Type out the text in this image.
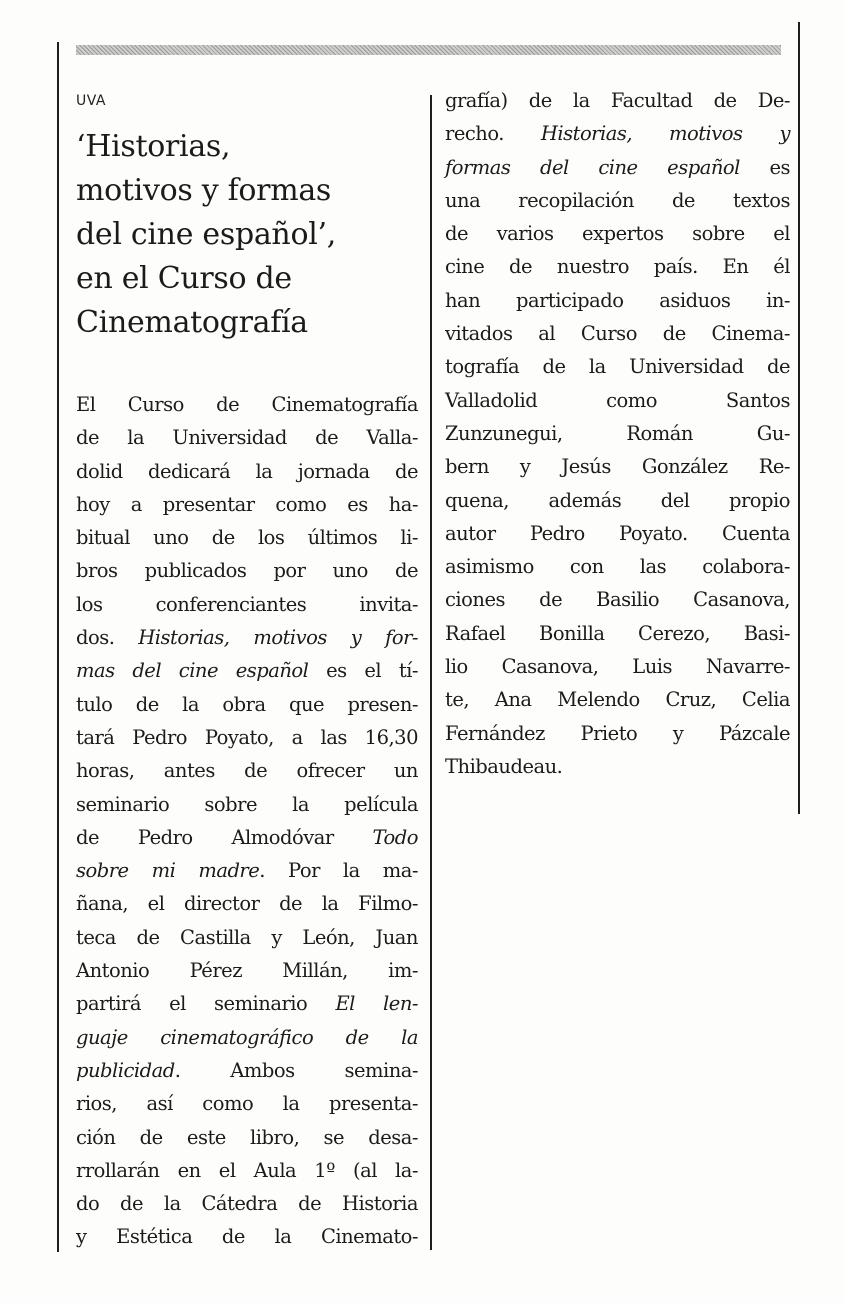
UVA
‘Historias,
motivos y formas
del cine español’,
en el Curso de
Cinematografía
El Curso de Cinematografía
de la Universidad de Valla-
dolid dedicará la jornada de
hoy a presentar como es ha-
bitual uno de los últimos li-
bros publicados por uno de
los conferenciantes invita-
dos. Historias, motivos y for-
mas del cine español es el tí-
tulo de la obra que presen-
tará Pedro Poyato, a las 16,30
horas, antes de ofrecer un
seminario sobre la película
de Pedro Almodóvar Todo
sobre mi madre. Por la ma-
ñana, el director de la Filmo-
teca de Castilla y León, Juan
Antonio Pérez Millán, im-
partirá el seminario El len-
guaje cinematográfico de la
publicidad. Ambos semina-
rios, así como la presenta-
ción de este libro, se desa-
rrollarán en el Aula 1º (al la-
do de la Cátedra de Historia
y Estética de la Cinemato-
grafía) de la Facultad de De-
recho. Historias, motivos y
formas del cine español es
una recopilación de textos
de varios expertos sobre el
cine de nuestro país. En él
han participado asiduos in-
vitados al Curso de Cinema-
tografía de la Universidad de
Valladolid como Santos
Zunzunegui, Román Gu-
bern y Jesús González Re-
quena, además del propio
autor Pedro Poyato. Cuenta
asimismo con las colabora-
ciones de Basilio Casanova,
Rafael Bonilla Cerezo, Basi-
lio Casanova, Luis Navarre-
te, Ana Melendo Cruz, Celia
Fernández Prieto y Pázcale
Thibaudeau.
